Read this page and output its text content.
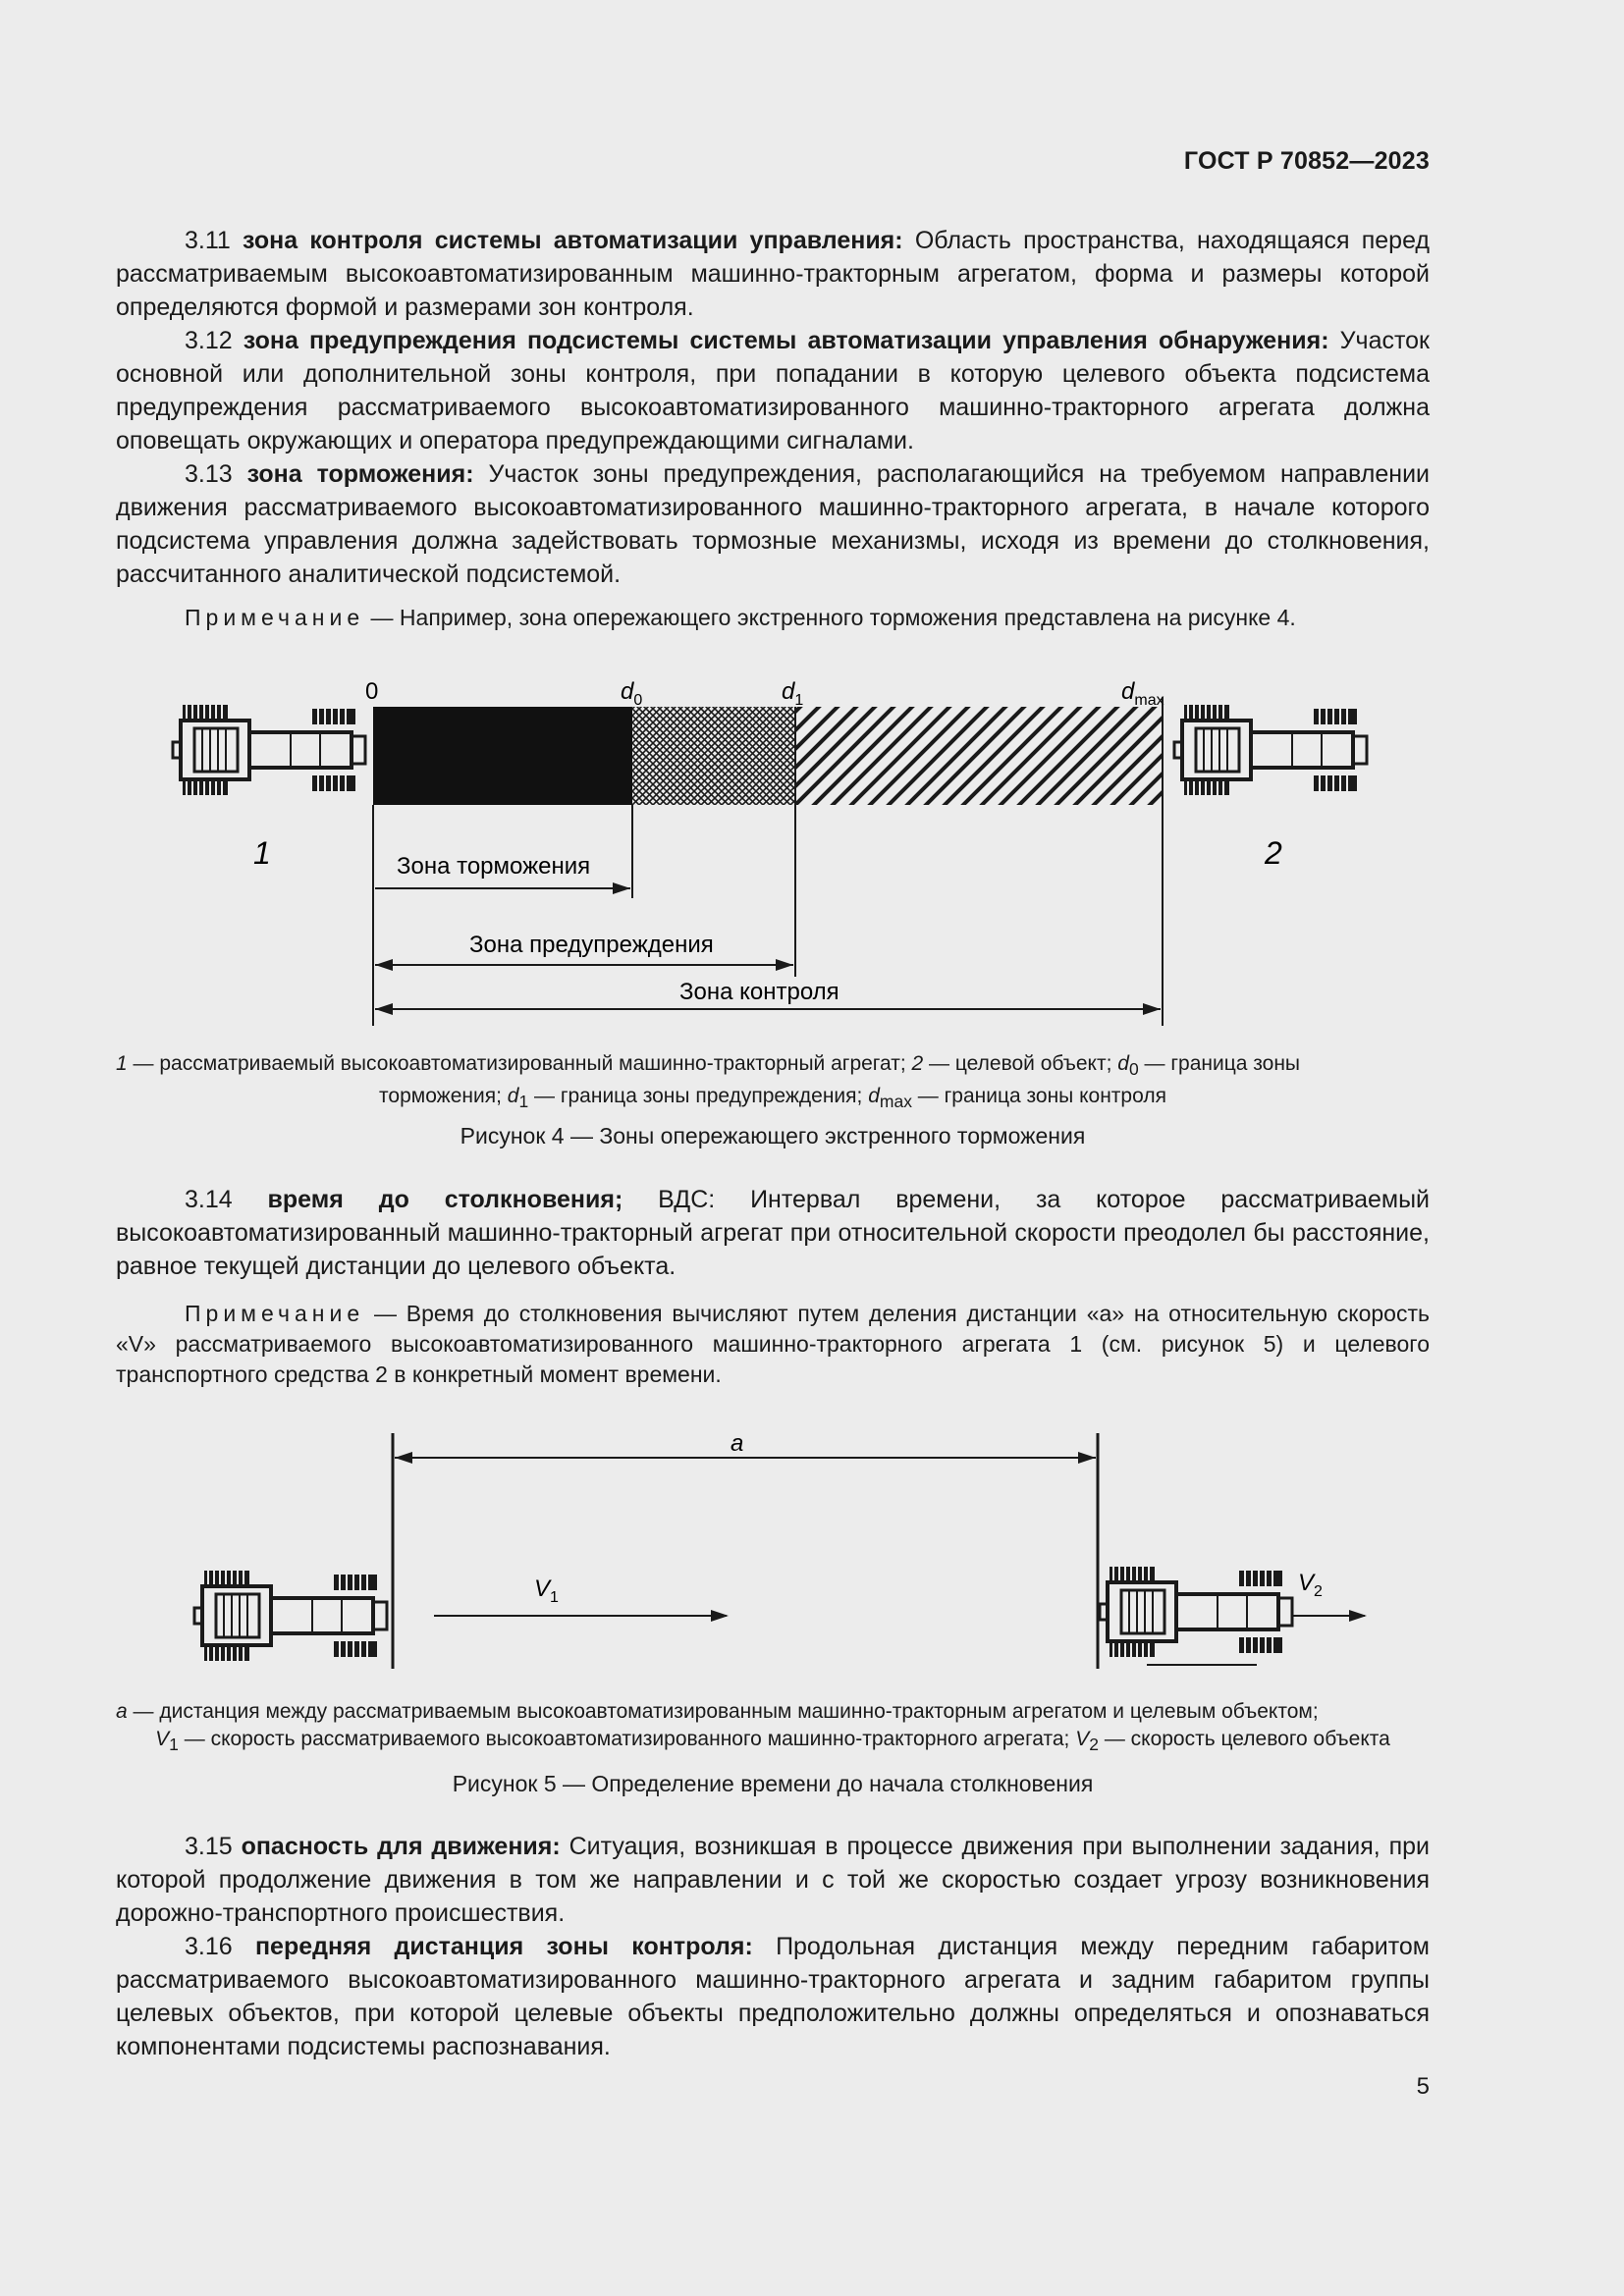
ГОСТ Р 70852—2023

3.11 зона контроля системы автоматизации управления: Область пространства, находящаяся перед рассматриваемым высокоавтоматизированным машинно-тракторным агрегатом, форма и размеры которой определяются формой и размерами зон контроля.

3.12 зона предупреждения подсистемы системы автоматизации управления обнаружения: Участок основной или дополнительной зоны контроля, при попадании в которую целевого объекта подсистема предупреждения рассматриваемого высокоавтоматизированного машинно-тракторного агрегата должна оповещать окружающих и оператора предупреждающими сигналами.

3.13 зона торможения: Участок зоны предупреждения, располагающийся на требуемом направлении движения рассматриваемого высокоавтоматизированного машинно-тракторного агрегата, в начале которого подсистема управления должна задействовать тормозные механизмы, исходя из времени до столкновения, рассчитанного аналитической подсистемой.

Примечание — Например, зона опережающего экстренного торможения представлена на рисунке 4.

0	$d_0$	$d_1$	$d_{max}$
1	2
Зона торможения
Зона предупреждения
Зона контроля
1 — рассматриваемый высокоавтоматизированный машинно-тракторный агрегат; 2 — целевой объект; $d_0$ — граница зоны
торможения; $d_1$ — граница зоны предупреждения; $d_{max}$ — граница зоны контроля
Рисунок 4 — Зоны опережающего экстренного торможения

3.14 время до столкновения; ВДС: Интервал времени, за которое рассматриваемый высокоавтоматизированный машинно-тракторный агрегат при относительной скорости преодолел бы расстояние, равное текущей дистанции до целевого объекта.

Примечание — Время до столкновения вычисляют путем деления дистанции «a» на относительную скорость «V» рассматриваемого высокоавтоматизированного машинно-тракторного агрегата 1 (см. рисунок 5) и целевого транспортного средства 2 в конкретный момент времени.

a
$V_1$
$V_2$
a — дистанция между рассматриваемым высокоавтоматизированным машинно-тракторным агрегатом и целевым объектом;
$V_1$ — скорость рассматриваемого высокоавтоматизированного машинно-тракторного агрегата; $V_2$ — скорость целевого объекта
Рисунок 5 — Определение времени до начала столкновения

3.15 опасность для движения: Ситуация, возникшая в процессе движения при выполнении задания, при которой продолжение движения в том же направлении и с той же скоростью создает угрозу возникновения дорожно-транспортного происшествия.

3.16 передняя дистанция зоны контроля: Продольная дистанция между передним габаритом рассматриваемого высокоавтоматизированного машинно-тракторного агрегата и задним габаритом группы целевых объектов, при которой целевые объекты предположительно должны определяться и опознаваться компонентами подсистемы распознавания.

5
